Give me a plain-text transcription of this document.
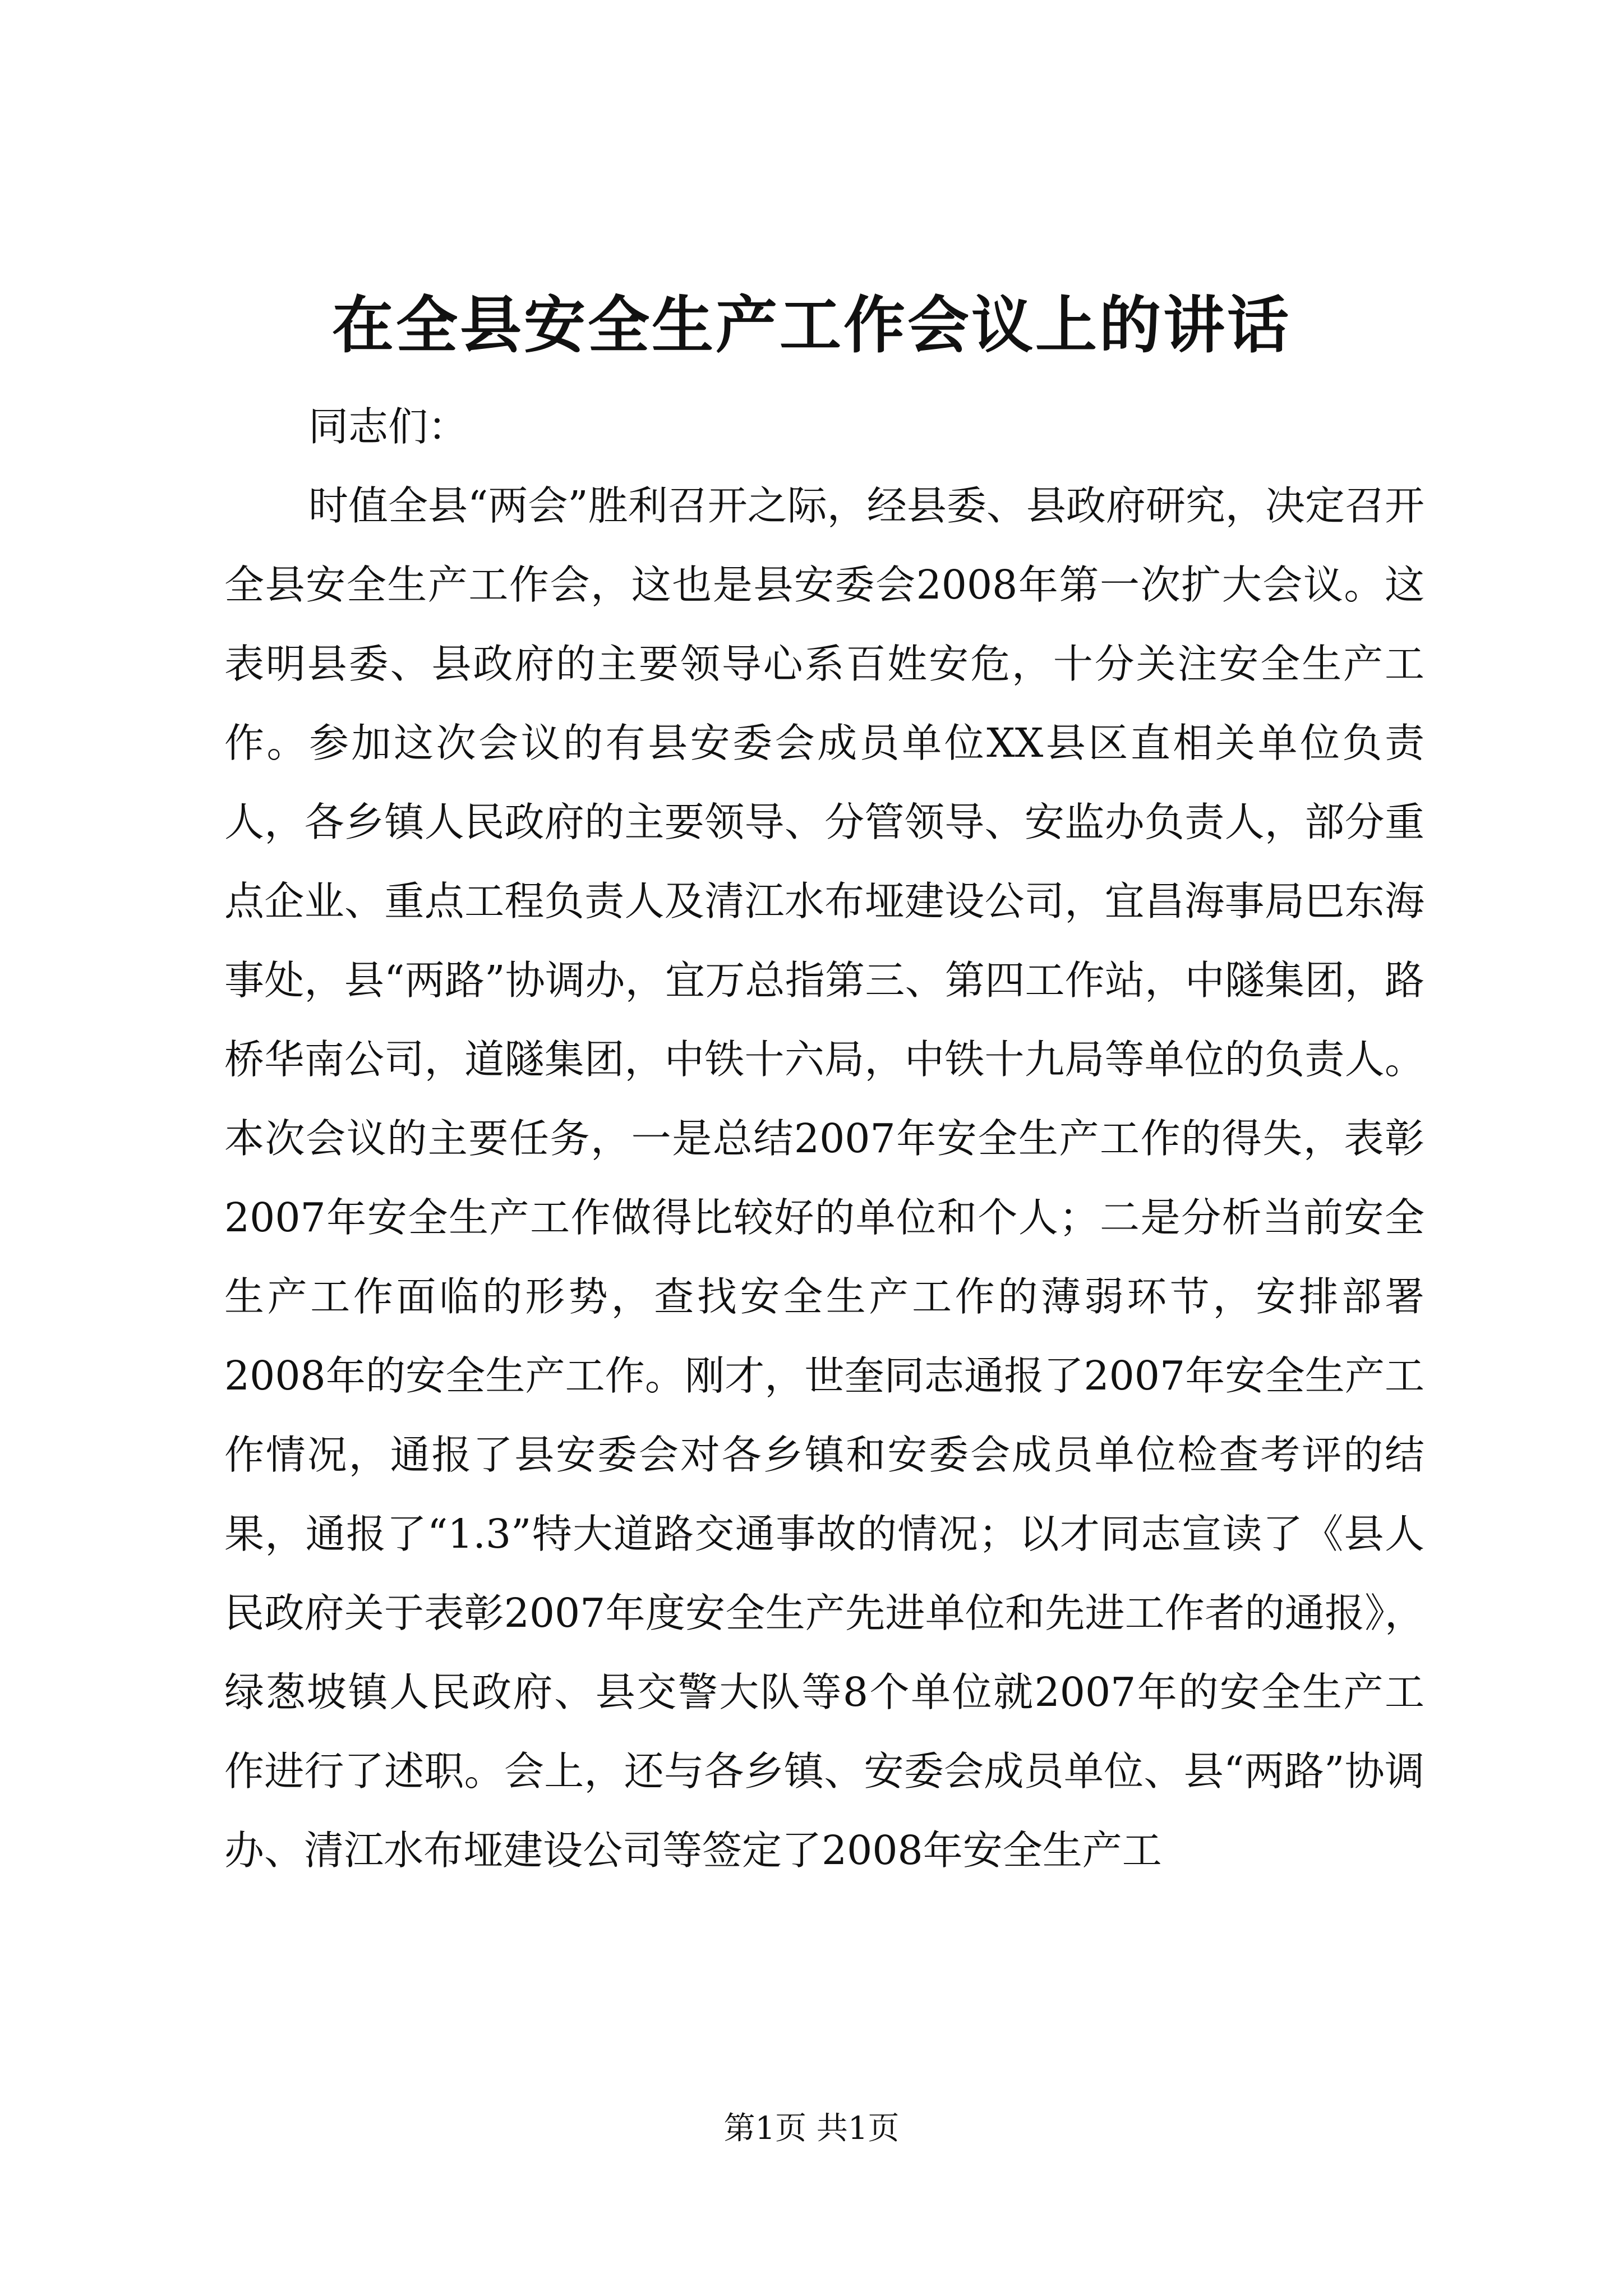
在全县安全生产工作会议上的讲话

同志们：

时值全县“两会”胜利召开之际，经县委、县政府研究，决定召开全县安全生产工作会，这也是县安委会2008年第一次扩大会议。这表明县委、县政府的主要领导心系百姓安危，十分关注安全生产工作。参加这次会议的有县安委会成员单位XX县区直相关单位负责人，各乡镇人民政府的主要领导、分管领导、安监办负责人，部分重点企业、重点工程负责人及清江水布垭建设公司，宜昌海事局巴东海事处，县“两路”协调办，宜万总指第三、第四工作站，中隧集团，路桥华南公司，道隧集团，中铁十六局，中铁十九局等单位的负责人。本次会议的主要任务，一是总结2007年安全生产工作的得失，表彰2007年安全生产工作做得比较好的单位和个人；二是分析当前安全生产工作面临的形势，查找安全生产工作的薄弱环节，安排部署2008年的安全生产工作。刚才，世奎同志通报了2007年安全生产工作情况，通报了县安委会对各乡镇和安委会成员单位检查考评的结果，通报了“1.3”特大道路交通事故的情况；以才同志宣读了《县人民政府关于表彰2007年度安全生产先进单位和先进工作者的通报》，绿葱坡镇人民政府、县交警大队等8个单位就2007年的安全生产工作进行了述职。会上，还与各乡镇、安委会成员单位、县“两路”协调办、清江水布垭建设公司等签定了2008年安全生产工

第1页 共1页
